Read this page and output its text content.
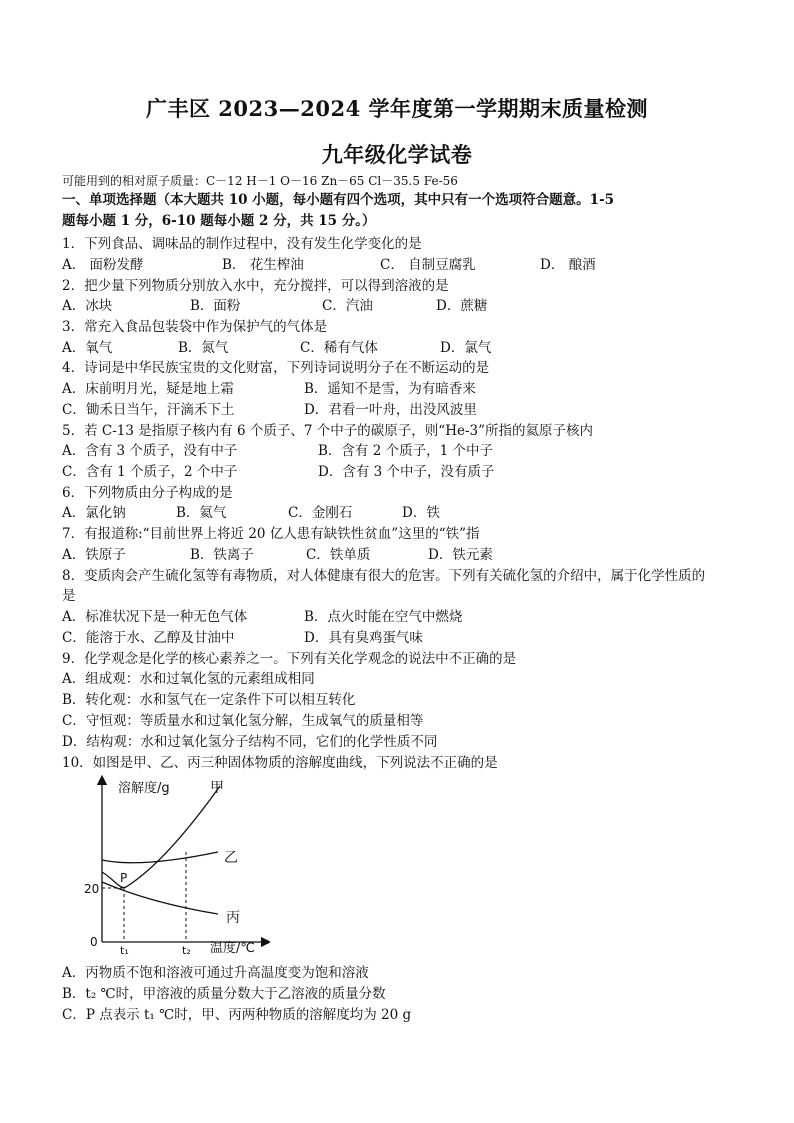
广丰区 2023—2024 学年度第一学期期末质量检测
九年级化学试卷
可能用到的相对原子质量：C－12 H－1 O－16 Zn－65 Cl－35.5 Fe-56
一、单项选择题（本大题共 10 小题，每小题有四个选项，其中只有一个选项符合题意。1-5
题每小题 1 分，6-10 题每小题 2 分，共 15 分。）
1．下列食品、调味品的制作过程中，没有发生化学变化的是
A． 面粉发酵	B． 花生榨油	C． 自制豆腐乳	D． 酿酒
2．把少量下列物质分别放入水中，充分搅拌，可以得到溶液的是
A．冰块	B．面粉	C．汽油	D．蔗糖
3．常充入食品包装袋中作为保护气的气体是
A．氧气	B．氮气	C．稀有气体	D．氯气
4．诗词是中华民族宝贵的文化财富，下列诗词说明分子在不断运动的是
A．床前明月光，疑是地上霜	B．遥知不是雪，为有暗香来
C．锄禾日当午，汗滴禾下土	D．君看一叶舟，出没风波里
5．若 C-13 是指原子核内有 6 个质子、7 个中子的碳原子，则“He-3”所指的氦原子核内
A．含有 3 个质子，没有中子	B．含有 2 个质子，1 个中子
C．含有 1 个质子，2 个中子	D．含有 3 个中子，没有质子
6．下列物质由分子构成的是
A．氯化钠	B．氦气	C．金刚石	D．铁
7．有报道称:“目前世界上将近 20 亿人患有缺铁性贫血”这里的“铁”指
A．铁原子	B．铁离子	C．铁单质	D．铁元素
8．变质肉会产生硫化氢等有毒物质，对人体健康有很大的危害。下列有关硫化氢的介绍中，属于化学性质的
是
A．标准状况下是一种无色气体	B．点火时能在空气中燃烧
C．能溶于水、乙醇及甘油中	D．具有臭鸡蛋气味
9．化学观念是化学的核心素养之一。下列有关化学观念的说法中不正确的是
A．组成观：水和过氧化氢的元素组成相同
B．转化观：水和氢气在一定条件下可以相互转化
C．守恒观：等质量水和过氧化氢分解，生成氧气的质量相等
D．结构观：水和过氧化氢分子结构不同，它们的化学性质不同
10．如图是甲、乙、丙三种固体物质的溶解度曲线，下列说法不正确的是
溶解度/g
温度/℃
0
20
甲
乙
丙
P
t₁	t₂
A．丙物质不饱和溶液可通过升高温度变为饱和溶液
B．t₂ ℃时，甲溶液的质量分数大于乙溶液的质量分数
C．P 点表示 t₁ ℃时，甲、丙两种物质的溶解度均为 20 g
